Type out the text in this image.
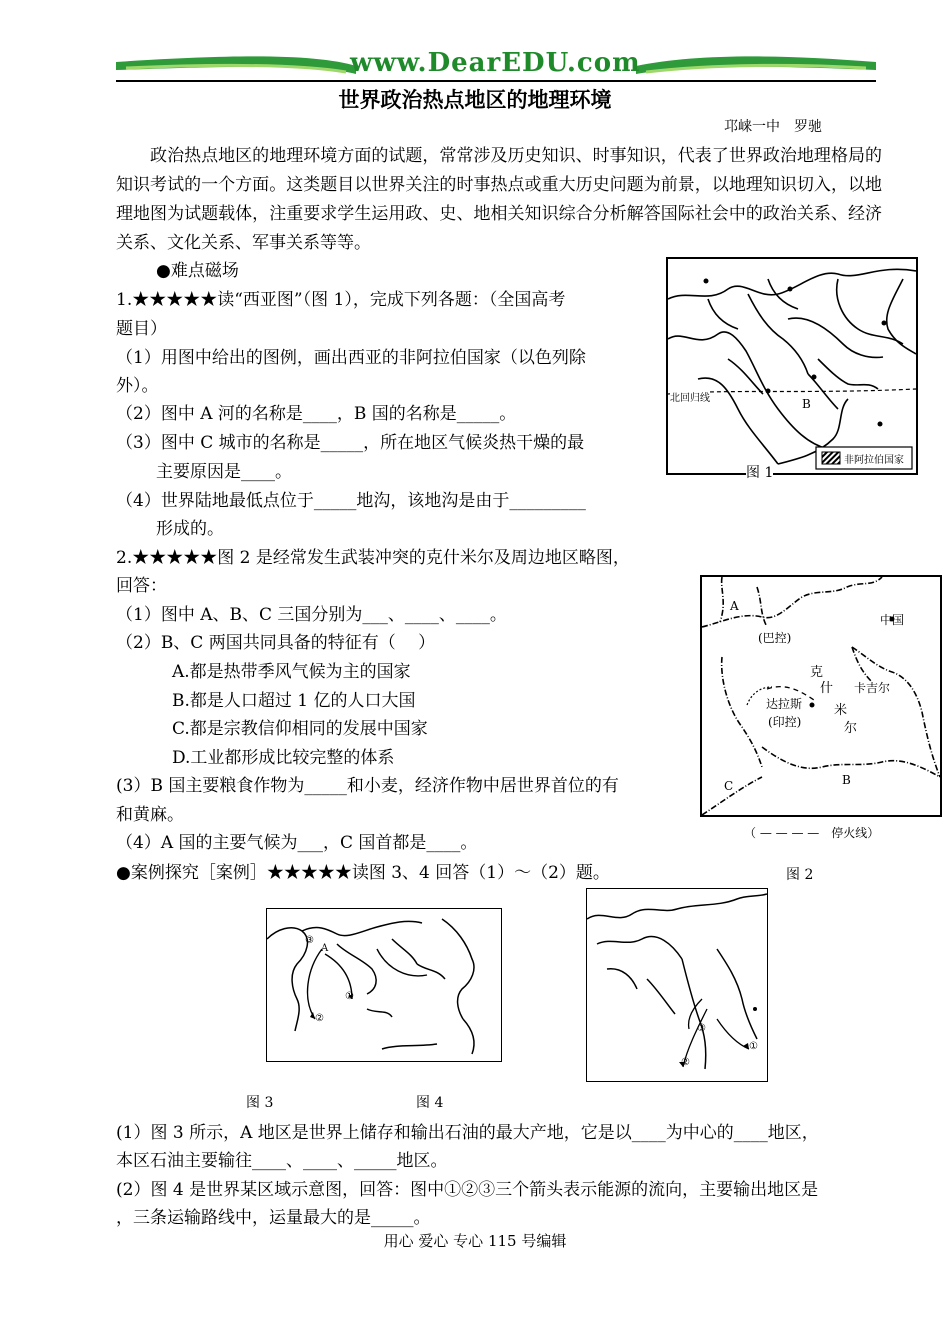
www.DearEDU.com
世界政治热点地区的地理环境
邛崃一中　罗驰
　　政治热点地区的地理环境方面的试题，常常涉及历史知识、时事知识，代表了世界政治地理格局的知识考试的一个方面。这类题目以世界关注的时事热点或重大历史问题为前景，以地理知识切入，以地理地图为试题载体，注重要求学生运用政、史、地相关知识综合分析解答国际社会中的政治关系、经济关系、文化关系、军事关系等等。
●难点磁场
1.★★★★★读“西亚图”（图 1），完成下列各题：（全国高考
题目）
（1）用图中给出的图例，画出西亚的非阿拉伯国家（以色列除
外）。
（2）图中 A 河的名称是____，B 国的名称是_____。
（3）图中 C 城市的名称是_____，所在地区气候炎热干燥的最
主要原因是____。
（4）世界陆地最低点位于_____地沟，该地沟是由于_________
形成的。
北回归线	B
非阿拉伯国家
图 1
2.★★★★★图 2 是经常发生武装冲突的克什米尔及周边地区略图，
回答：
（1）图中 A、B、C 三国分别为___、____、____。
（2）B、C 两国共同具备的特征有（　 ）
A.都是热带季风气候为主的国家
B.都是人口超过 1 亿的人口大国
C.都是宗教信仰相同的发展中国家
D.工业都形成比较完整的体系
(3）B 国主要粮食作物为_____和小麦，经济作物中居世界首位的有
和黄麻。
（4）A 国的主要气候为___，C 国首都是____。
A
中国
(巴控)
克
什
米
尔
卡吉尔
达拉斯
(印控)
C	B
（ — — — —　停火线）
图 2
●案例探究［案例］★★★★★读图 3、4 回答（1）～（2）题。
③
A
①
②
③
①
②
图 3	图 4
(1）图 3 所示，A 地区是世界上储存和输出石油的最大产地，它是以____为中心的____地区，
本区石油主要输往____、____、_____地区。
(2）图 4 是世界某区域示意图，回答：图中①②③三个箭头表示能源的流向，主要输出地区是
，三条运输路线中，运量最大的是_____。
用心 爱心 专心 115 号编辑
